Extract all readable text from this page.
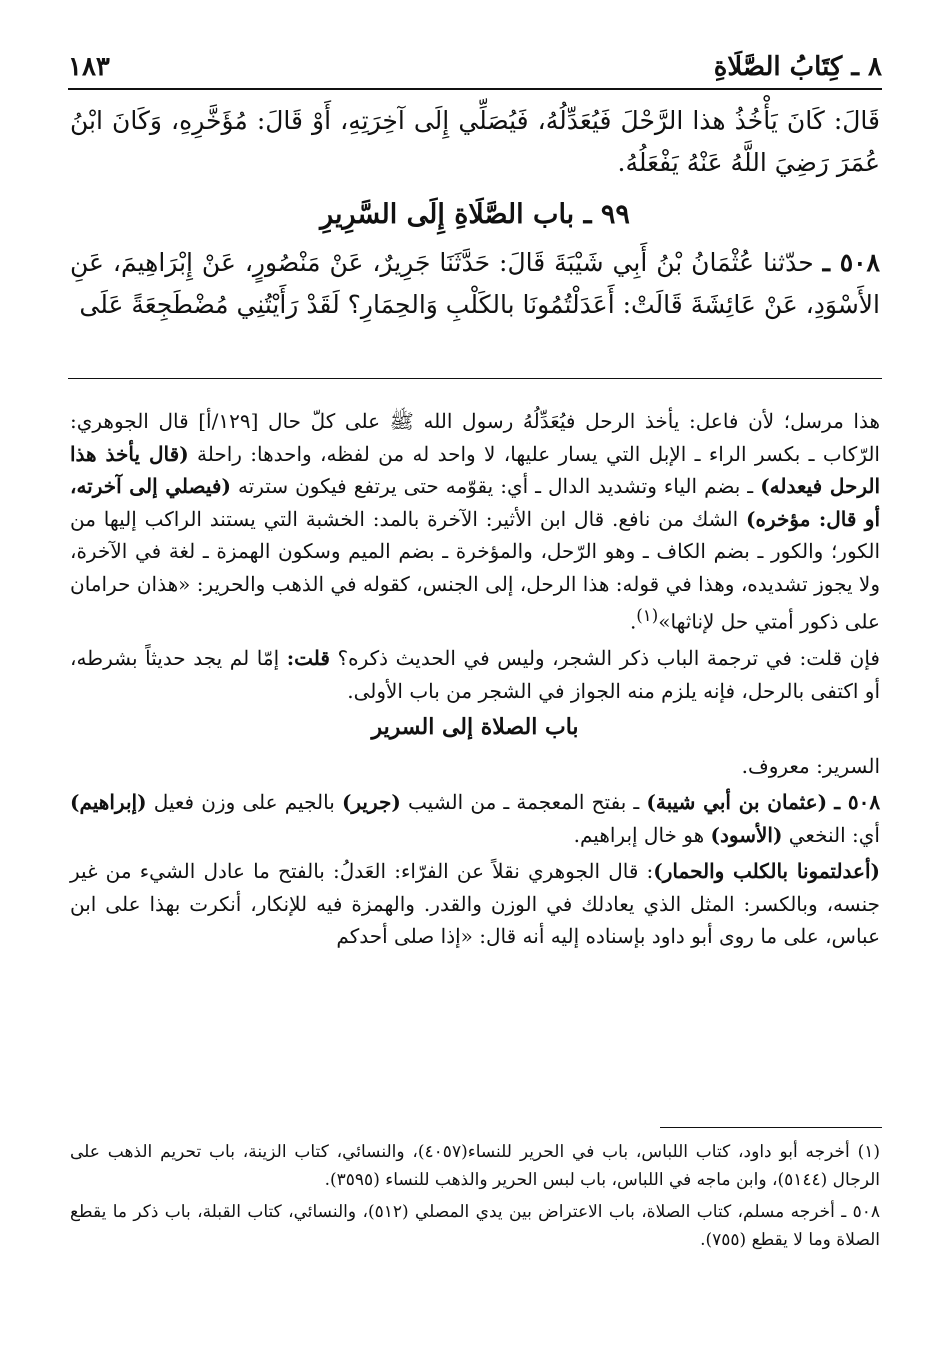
٨ ـ كِتَابُ الصَّلَاةِ
١٨٣

قَالَ: كَانَ يَأْخُذُ هذا الرَّحْلَ فَيُعَدِّلُهُ، فَيُصَلِّي إِلَى آخِرَتِهِ، أَوْ قَالَ: مُؤَخَّرِهِ، وَكَانَ ابْنُ عُمَرَ رَضِيَ اللَّهُ عَنْهُ يَفْعَلُهُ.

٩٩ ـ باب الصَّلَاةِ إِلَى السَّرِيرِ

٥٠٨ ـ حدّثنا عُثْمَانُ بْنُ أَبِي شَيْبَةَ قَالَ: حَدَّثَنَا جَرِيرٌ، عَنْ مَنْصُورٍ، عَنْ إِبْرَاهِيمَ، عَنِ الأَسْوَدِ، عَنْ عَائِشَةَ قَالَتْ: أَعَدَلْتُمُونَا بالكَلْبِ وَالحِمَارِ؟ لَقَدْ رَأَيْتُنِي مُضْطَجِعَةً عَلَى

هذا مرسل؛ لأن فاعل: يأخذ الرحل فيُعَدِّلُهُ رسول الله ﷺ على كلّ حال [١٢٩/أ] قال الجوهري: الرّكاب ـ بكسر الراء ـ الإبل التي يسار عليها، لا واحد له من لفظه، واحدها: راحلة (قال يأخذ هذا الرحل فيعدله) ـ بضم الياء وتشديد الدال ـ أي: يقوّمه حتى يرتفع فيكون سترته (فيصلي إلى آخرته، أو قال: مؤخره) الشك من نافع. قال ابن الأثير: الآخرة بالمد: الخشبة التي يستند الراكب إليها من الكور؛ والكور ـ بضم الكاف ـ وهو الرّحل، والمؤخرة ـ بضم الميم وسكون الهمزة ـ لغة في الآخرة، ولا يجوز تشديده، وهذا في قوله: هذا الرحل، إلى الجنس، كقوله في الذهب والحرير: «هذان حرامان على ذكور أمتي حل لإناثها»$^{(١)}$.

فإن قلت: في ترجمة الباب ذكر الشجر، وليس في الحديث ذكره؟ قلت: إمّا لم يجد حديثاً بشرطه، أو اكتفى بالرحل، فإنه يلزم منه الجواز في الشجر من باب الأولى.

باب الصلاة إلى السرير

السرير: معروف.

٥٠٨ ـ (عثمان بن أبي شيبة) ـ بفتح المعجمة ـ من الشيب (جرير) بالجيم على وزن فعيل (إبراهيم) أي: النخعي (الأسود) هو خال إبراهيم.

(أعدلتمونا بالكلب والحمار): قال الجوهري نقلاً عن الفرّاء: العَدلُ: بالفتح ما عادل الشيء من غير جنسه، وبالكسر: المثل الذي يعادلك في الوزن والقدر. والهمزة فيه للإنكار، أنكرت بهذا على ابن عباس، على ما روى أبو داود بإسناده إليه أنه قال: «إذا صلى أحدكم

(١) أخرجه أبو داود، كتاب اللباس، باب في الحرير للنساء(٤٠٥٧)، والنسائي، كتاب الزينة، باب تحريم الذهب على الرجال (٥١٤٤)، وابن ماجه في اللباس، باب لبس الحرير والذهب للنساء (٣٥٩٥).

٥٠٨ ـ أخرجه مسلم، كتاب الصلاة، باب الاعتراض بين يدي المصلي (٥١٢)، والنسائي، كتاب القبلة، باب ذكر ما يقطع الصلاة وما لا يقطع (٧٥٥).
